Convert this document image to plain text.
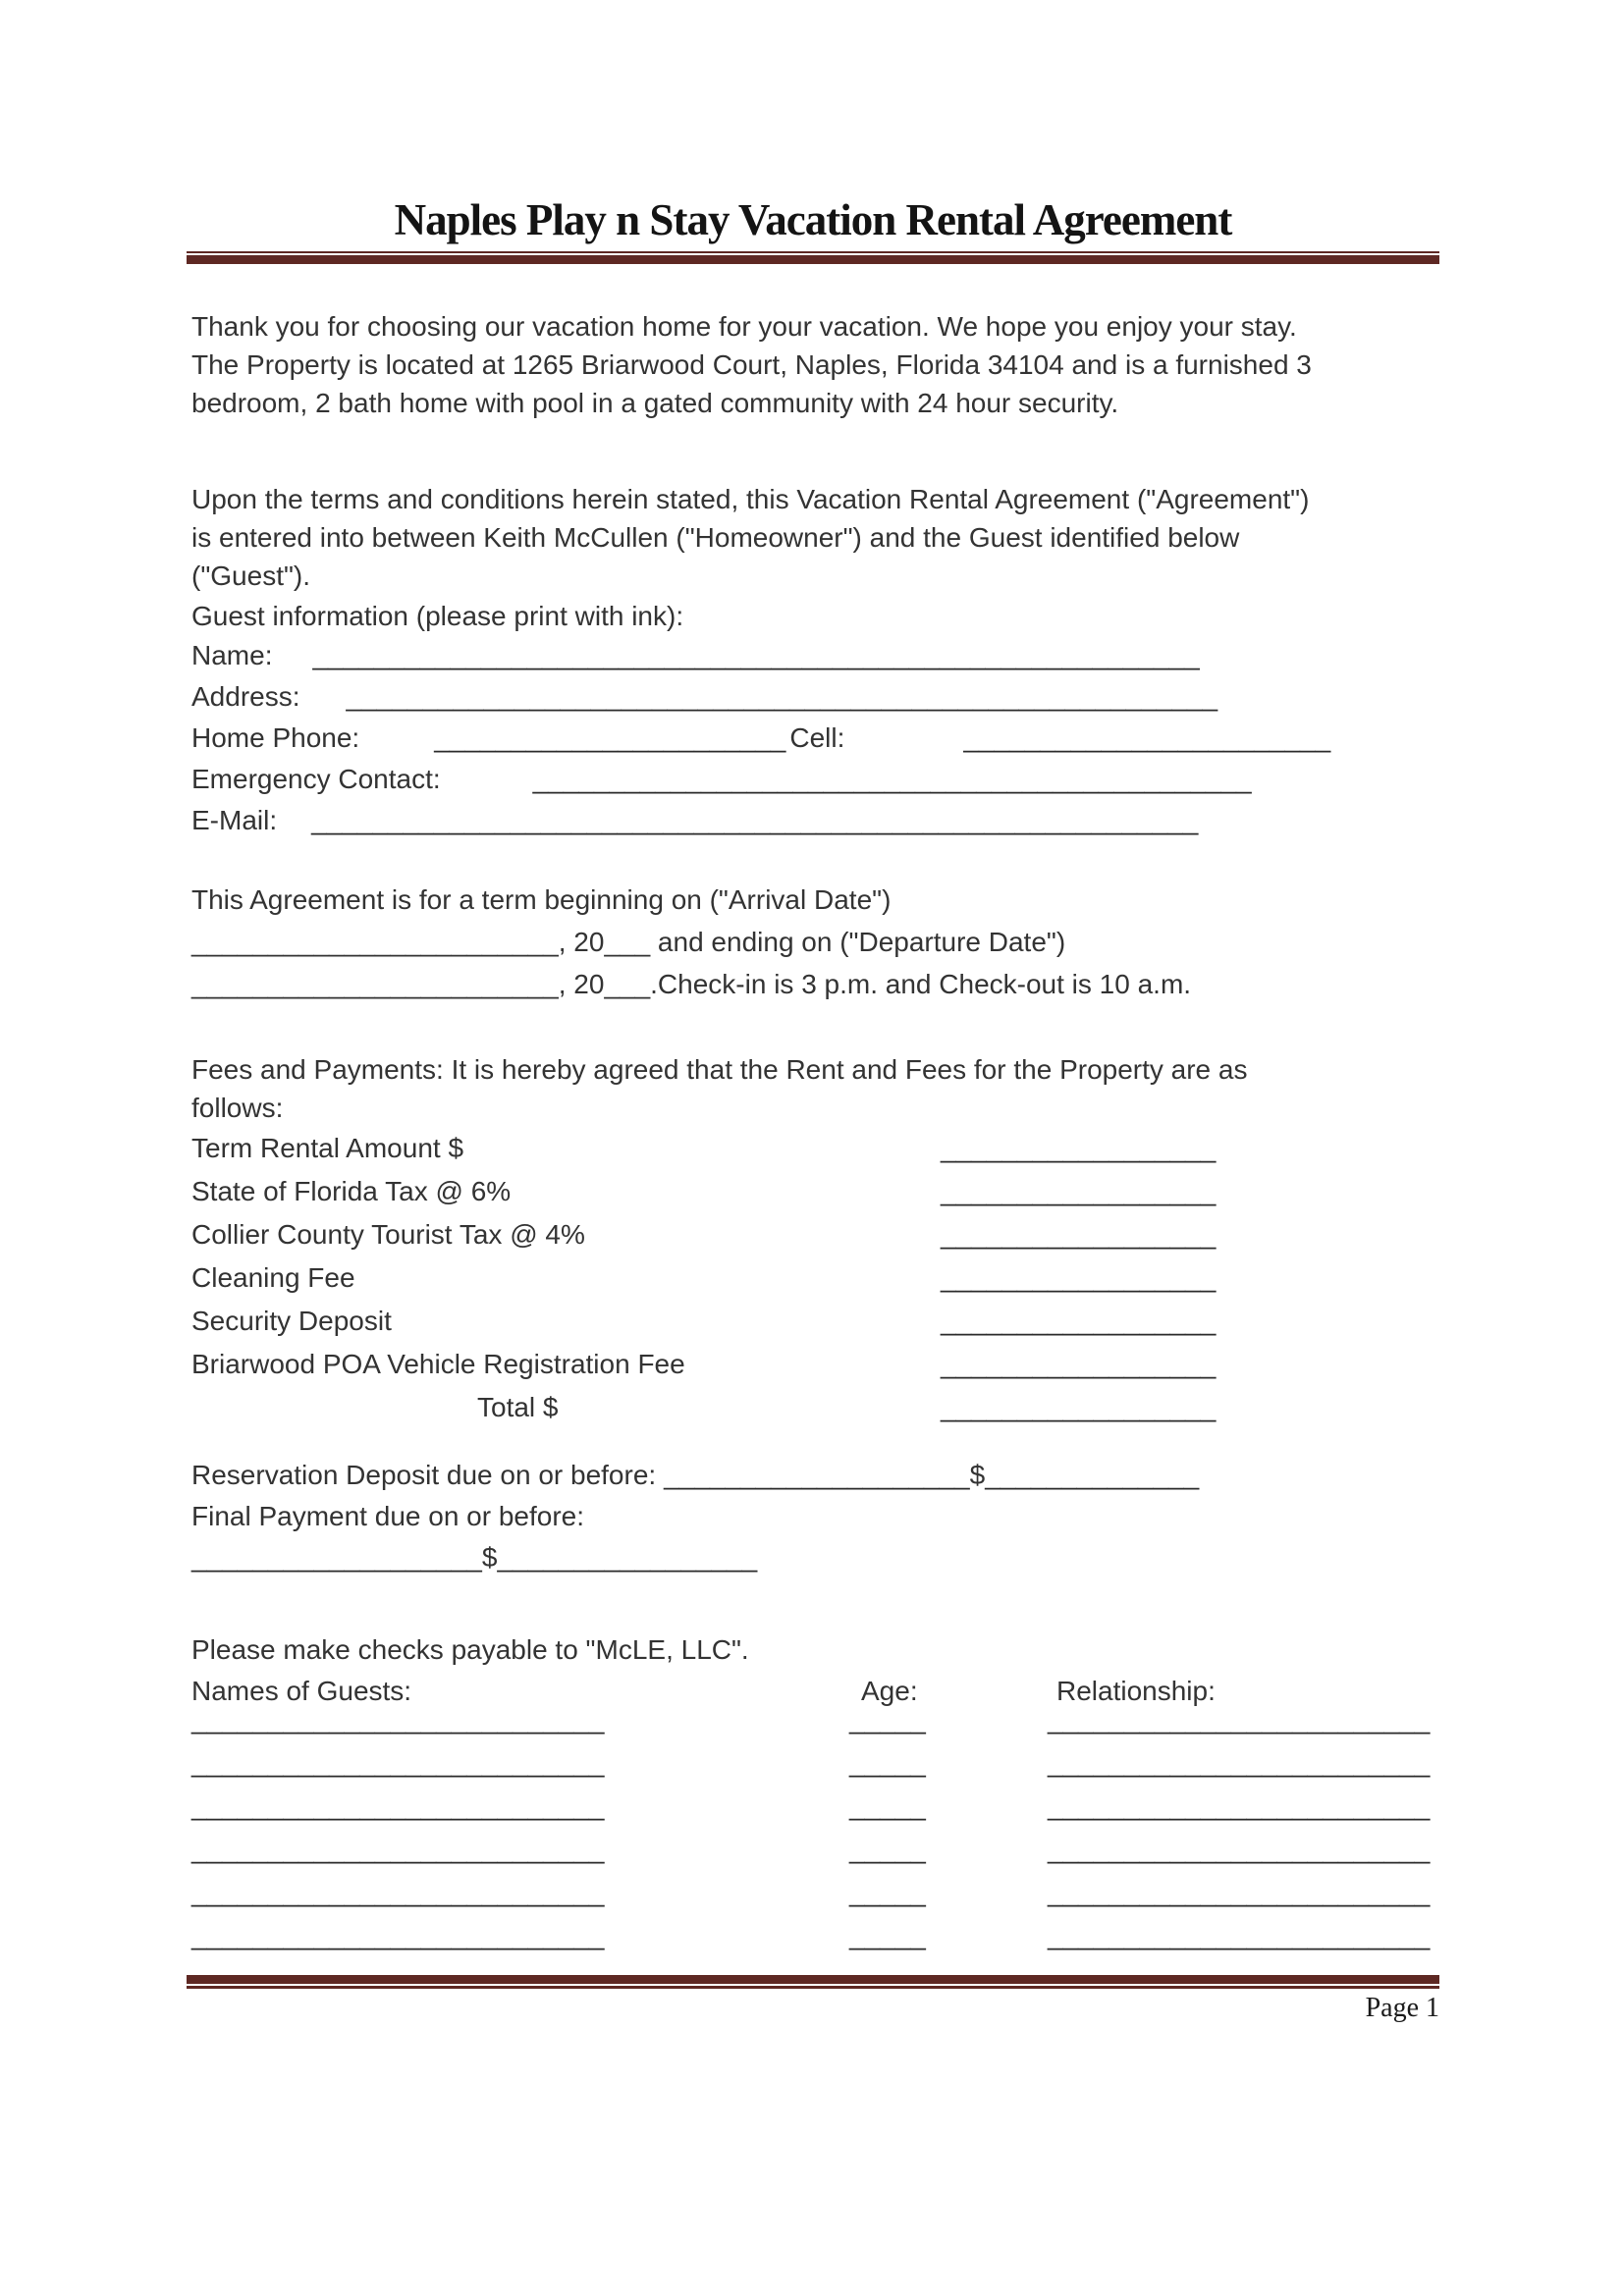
Naples Play n Stay Vacation Rental Agreement
Thank you for choosing our vacation home for your vacation. We hope you enjoy your stay.
The Property is located at 1265 Briarwood Court, Naples, Florida 34104 and is a furnished 3
bedroom, 2 bath home with pool in a gated community with 24 hour security.
Upon the terms and conditions herein stated, this Vacation Rental Agreement ("Agreement")
is entered into between Keith McCullen ("Homeowner") and the Guest identified below
("Guest").
Guest information (please print with ink):
Name: __________________________________________________________
Address: _________________________________________________________
Home Phone:	_______________________ Cell:	________________________
Emergency Contact:	_______________________________________________
E-Mail: __________________________________________________________
This Agreement is for a term beginning on ("Arrival Date")
________________________, 20___ and ending on ("Departure Date")
________________________, 20___.Check-in is 3 p.m. and Check-out is 10 a.m.
Fees and Payments: It is hereby agreed that the Rent and Fees for the Property are as
follows:
Term Rental Amount $	__________________
State of Florida Tax @ 6%	__________________
Collier County Tourist Tax @ 4%	__________________
Cleaning Fee	__________________
Security Deposit	__________________
Briarwood POA Vehicle Registration Fee	__________________
Total $	__________________
Reservation Deposit due on or before: ____________________$______________
Final Payment due on or before:
___________________$_________________
Please make checks payable to "McLE, LLC".
Names of Guests:	Age:	Relationship:
___________________________	_____	_________________________
___________________________	_____	_________________________
___________________________	_____	_________________________
___________________________	_____	_________________________
___________________________	_____	_________________________
___________________________	_____	_________________________
Page 1
